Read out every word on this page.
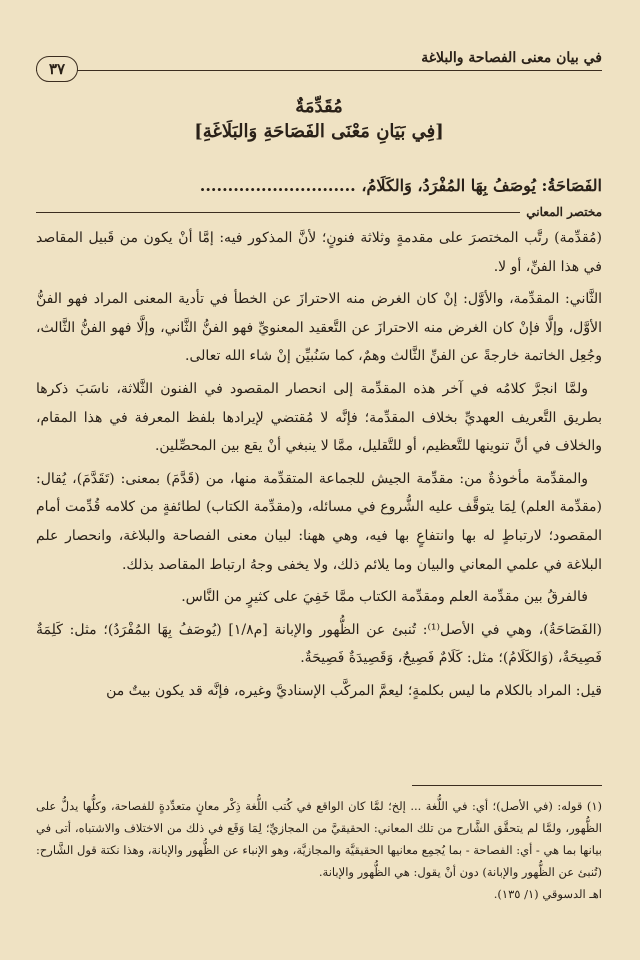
في بيان معنى الفصاحة والبلاغة
٣٧

مُقَدِّمَةٌ

[فِي بَيَانِ مَعْنَى الفَصَاحَةِ وَالبَلَاغَةِ]

الفَصَاحَةُ: يُوصَفُ بِهَا المُفْرَدُ، وَالكَلَامُ، ............................
مختصر المعاني

(مُقدِّمة) رتَّب المختصرَ على مقدمةٍ وثلاثة فنونٍ؛ لأنَّ المذكور فيه: إمَّا أنْ يكون من قَبيل المقاصد في هذا الفنِّ، أو لا.

الثَّاني: المقدِّمة، والأوَّل: إنْ كان الغرض منه الاحترازَ عن الخطأ في تأدية المعنى المراد فهو الفنُّ الأوَّل، وإلَّا فإنْ كان الغرض منه الاحترازَ عن التَّعقيد المعنويِّ فهو الفنُّ الثَّاني، وإلَّا فهو الفنُّ الثَّالث، وجُعِل الخاتمة خارجةً عن الفنِّ الثَّالث وهمٌ، كما سَنُبيِّن إنْ شاء الله تعالى.

ولمَّا انجرَّ كلامُه في آخر هذه المقدِّمة إلى انحصار المقصود في الفنون الثَّلاثة، ناسَبَ ذكرها بطريق التَّعريف العهديِّ بخلاف المقدِّمة؛ فإنَّه لا مُقتضي لإيرادها بلفظ المعرفة في هذا المقام، والخلاف في أنَّ تنوينها للتَّعظيم، أو للتَّقليل، ممَّا لا ينبغي أنْ يقع بين المحصِّلين.

والمقدِّمة مأخوذةٌ من: مقدِّمة الجيش للجماعة المتقدِّمة منها، من (قَدَّمَ) بمعنى: (تَقَدَّمَ)، يُقال: (مقدِّمة العلم) لِمَا يتوقَّف عليه الشُّروع في مسائله، و(مقدِّمة الكتاب) لطائفةٍ من كلامه قُدِّمت أمام المقصود؛ لارتباطٍ له بها وانتفاعٍ بها فيه، وهي ههنا: لبيان معنى الفصاحة والبلاغة، وانحصار علم البلاغة في علمي المعاني والبيان وما يلائم ذلك، ولا يخفى وجهُ ارتباط المقاصد بذلك.

فالفرقُ بين مقدِّمة العلم ومقدِّمة الكتاب ممَّا خَفِيَ على كثيرٍ من النَّاس.

(الفَصَاحَةُ)، وهي في الأصل⁽¹⁾: تُنبئ عن الظُّهور والإبانة [م١/٨] (يُوصَفُ بِهَا المُفْرَدُ)؛ مثل: كَلِمَةٌ فَصِيحَةٌ، (وَالكَلَامُ)؛ مثل: كَلَامٌ فَصِيحٌ، وَقَصِيدَةٌ فَصِيحَةٌ.

قيل: المراد بالكلام ما ليس بكلمةٍ؛ ليعمَّ المركَّب الإسناديَّ وغيره، فإنَّه قد يكون بيتٌ من

(١) قوله: (في الأصل)؛ أي: في اللُّغة ... إلخ؛ لمَّا كان الواقع في كُتب اللُّغة ذِكْر معانٍ متعدِّدةٍ للفصاحة، وكلُّها يدلُّ على الظُّهور، ولمَّا لم يتحقَّق الشَّارح من تلك المعاني: الحقيقيَّ من المجازيِّ؛ لِمَا وَقَع في ذلك من الاختلاف والاشتباه، أتى في بيانها بما هي - أي: الفصاحة - بما يُجمِع معانيها الحقيقيَّة والمجازيَّة، وهو الإنباء عن الظُّهور والإبانة، وهذا نكتة قول الشَّارح: (تُنبئ عن الظُّهور والإبانة) دون أنْ يقول: هي الظُّهور والإبانة.

اهـ الدسوقي (١/ ١٣٥).
